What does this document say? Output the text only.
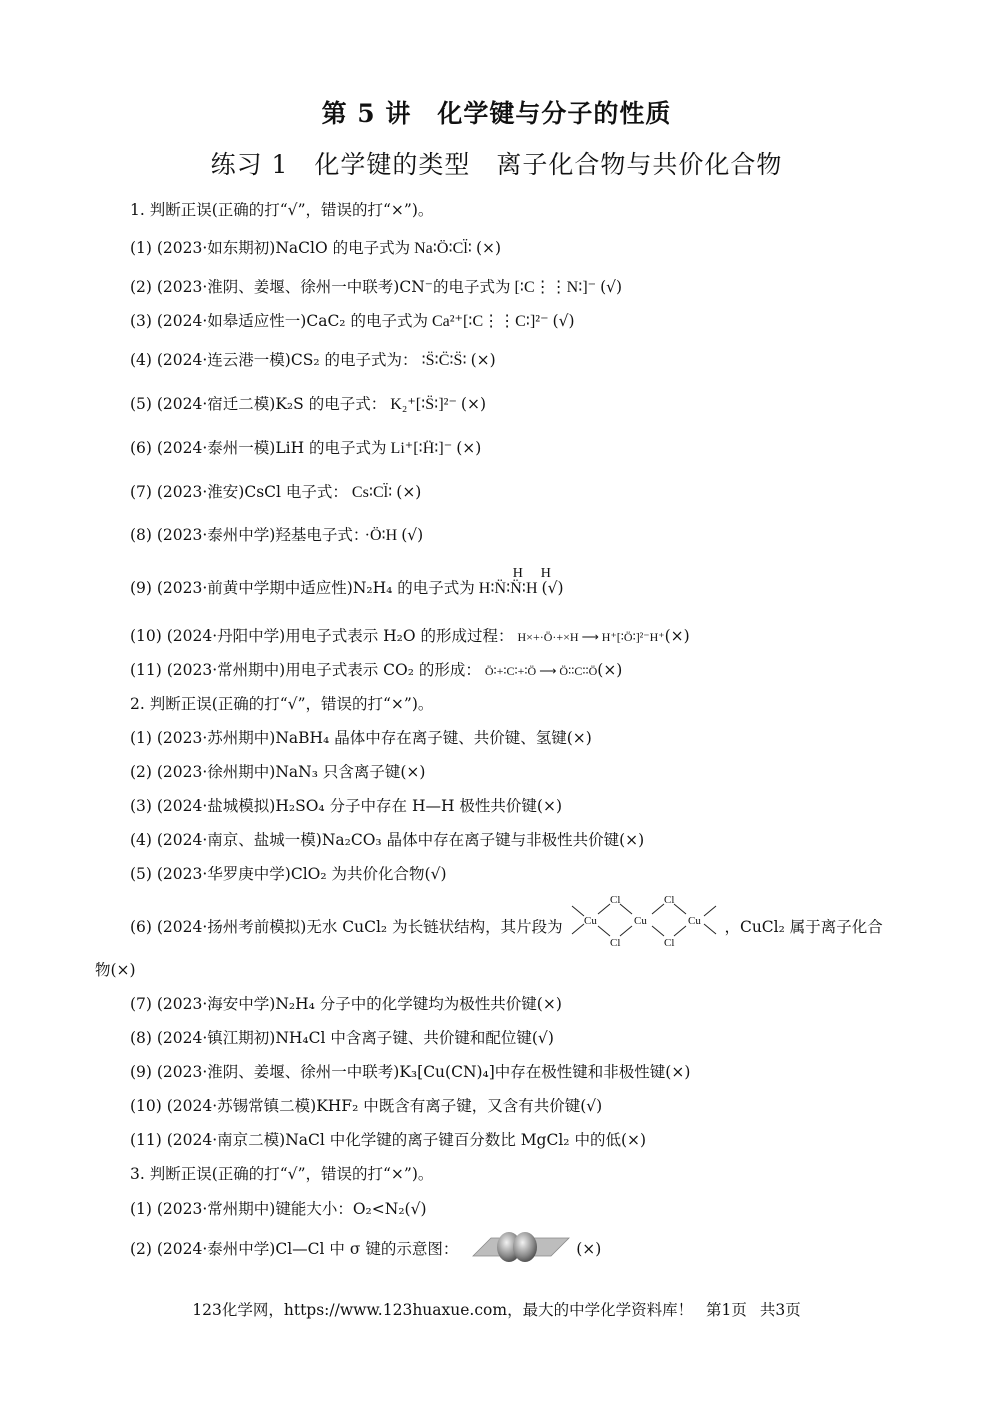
第 5 讲　化学键与分子的性质
练习 1　化学键的类型　离子化合物与共价化合物
1. 判断正误(正确的打“√”，错误的打“×”)。
(1) (2023·如东期初)NaClO 的电子式为 Na∶Ö∶Cl̈∶ (×)
(2) (2023·淮阴、姜堰、徐州一中联考)CN⁻的电子式为 [∶C⋮⋮N∶]⁻ (√)
(3) (2024·如皋适应性一)CaC₂ 的电子式为 Ca²⁺[∶C⋮⋮C∶]²⁻ (√)
(4) (2024·连云港一模)CS₂ 的电子式为： ∶S̈∶C̈∶S̈∶ (×)
(5) (2024·宿迁二模)K₂S 的电子式： K₂⁺[∶S̈∶]²⁻ (×)
(6) (2024·泰州一模)LiH 的电子式为 Li⁺[∶Ḧ∶]⁻ (×)
(7) (2023·淮安)CsCl 电子式： Cs∶Cl̈∶ (×)
(8) (2023·泰州中学)羟基电子式： ·Ö∶H (√)
(9) (2023·前黄中学期中适应性)N₂H₄ 的电子式为
H H
H∶N̈∶N̈∶H (√)
(10) (2024·丹阳中学)用电子式表示 H₂O 的形成过程： H×+·Ö·+×H ⟶ H⁺[∶Ö∶]²⁻H⁺(×)
(11) (2023·常州期中)用电子式表示 CO₂ 的形成： Ö∶+∶C∶+∶Ö ⟶ Ö∶∶C∶∶Ö(×)
2. 判断正误(正确的打“√”，错误的打“×”)。
(1) (2023·苏州期中)NaBH₄ 晶体中存在离子键、共价键、氢键(×)
(2) (2023·徐州期中)NaN₃ 只含离子键(×)
(3) (2024·盐城模拟)H₂SO₄ 分子中存在 H—H 极性共价键(×)
(4) (2024·南京、盐城一模)Na₂CO₃ 晶体中存在离子键与非极性共价键(×)
(5) (2023·华罗庚中学)ClO₂ 为共价化合物(√)
(6) (2024·扬州考前模拟)无水 CuCl₂ 为长链状结构，其片段为 Cu
Cl
Cl
Cu
Cl
Cl
Cu ，CuCl₂ 属于离子化合
物(×)
(7) (2023·海安中学)N₂H₄ 分子中的化学键均为极性共价键(×)
(8) (2024·镇江期初)NH₄Cl 中含离子键、共价键和配位键(√)
(9) (2023·淮阴、姜堰、徐州一中联考)K₃[Cu(CN)₄]中存在极性键和非极性键(×)
(10) (2024·苏锡常镇二模)KHF₂ 中既含有离子键，又含有共价键(√)
(11) (2024·南京二模)NaCl 中化学键的离子键百分数比 MgCl₂ 中的低(×)
3. 判断正误(正确的打“√”，错误的打“×”)。
(1) (2023·常州期中)键能大小：O₂<N₂(√)
(2) (2024·泰州中学)Cl—Cl 中 σ 键的示意图：	(×)
123化学网，https://www.123huaxue.com，最大的中学化学资料库！ 第1页 共3页
